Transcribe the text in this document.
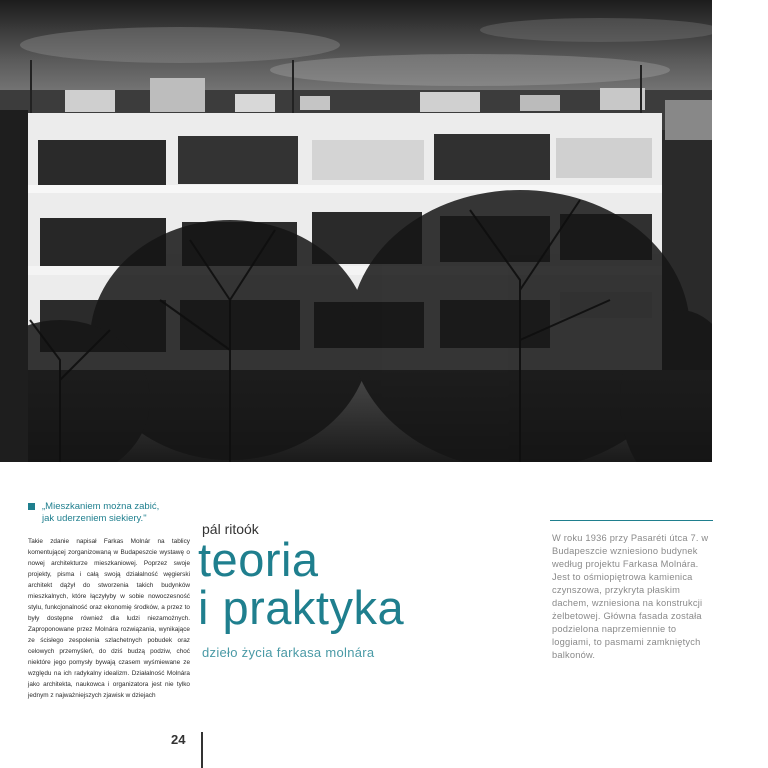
„Mieszkaniem można zabić,
jak uderzeniem siekiery."

Takie zdanie napisał Farkas Molnár na tablicy komentującej zorganizowaną w Budapeszcie wystawę o nowej architekturze mieszkaniowej. Poprzez swoje projekty, pisma i całą swoją działalność węgierski architekt dążył do stworzenia takich budynków mieszkalnych, które łączyłyby w sobie nowoczesność stylu, funkcjonalność oraz ekonomię środków, a przez to były dostępne również dla ludzi niezamożnych. Zaproponowane przez Molnára rozwiązania, wynikające ze ścisłego zespolenia szlachetnych pobudek oraz celowych przemyśleń, do dziś budzą podziw, choć niektóre jego pomysły bywają czasem wyśmiewane ze względu na ich radykalny idealizm. Działalność Molnára jako architekta, naukowca i organizatora jest nie tylko jednym z najważniejszych zjawisk w dziejach

pál ritoók
teoria
i praktyka
dzieło życia farkasa molnára

W roku 1936 przy Pasaréti útca 7. w Budapeszcie wzniesiono budynek według projektu Farkasa Molnára. Jest to ośmiopiętrowa kamienica czynszowa, przykryta płaskim dachem, wzniesiona na konstrukcji żelbetowej. Główna fasada została podzielona naprzemiennie to loggiami, to pasmami zamkniętych balkonów.

24
